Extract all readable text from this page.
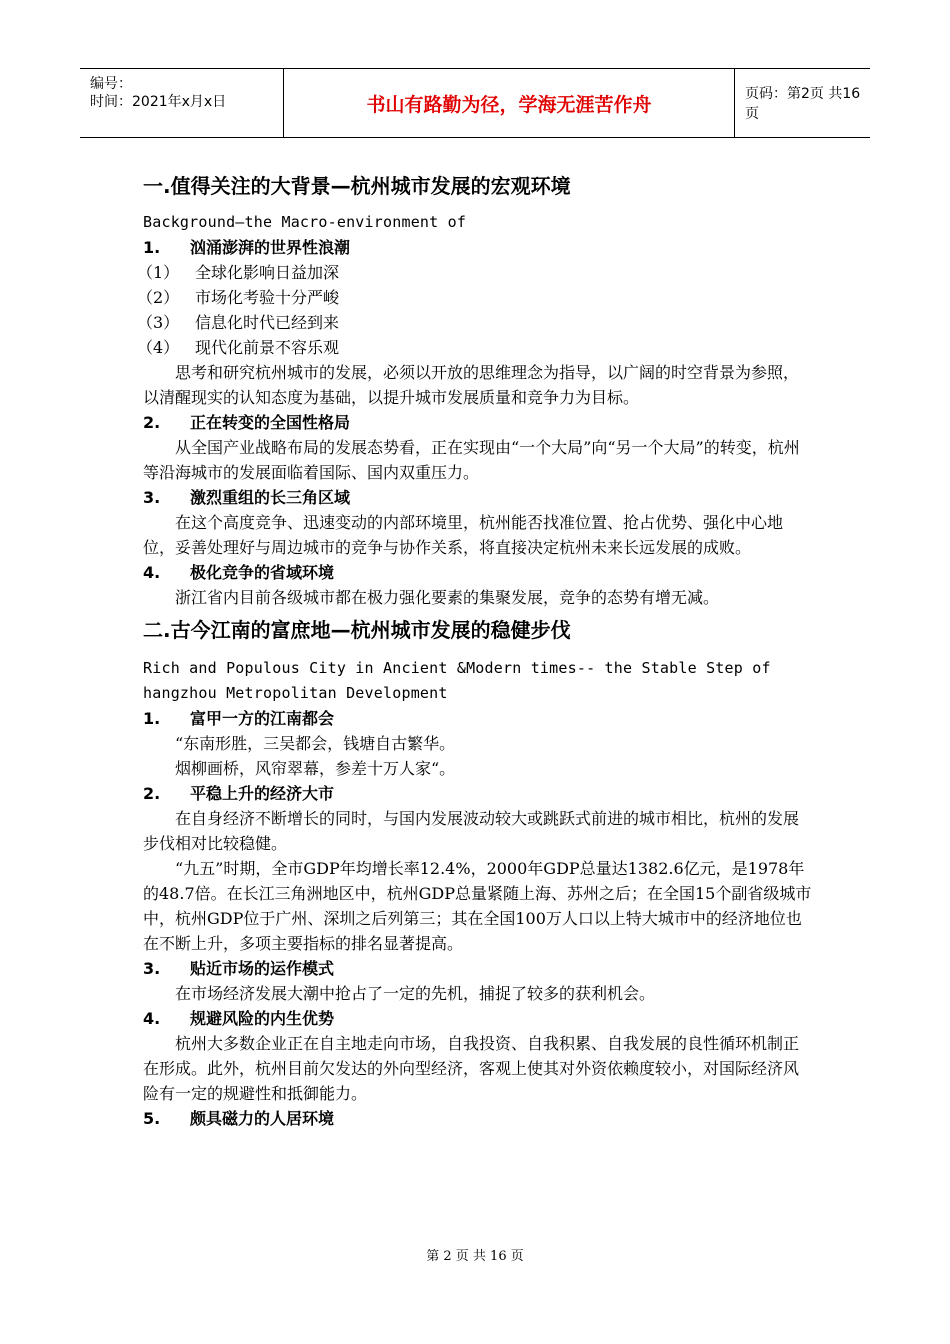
编号：
时间：2021年x月x日	书山有路勤为径，学海无涯苦作舟	页码：第2页 共16页
一.值得关注的大背景—杭州城市发展的宏观环境
Background—the Macro-environment of
1. 汹涌澎湃的世界性浪潮
（1） 全球化影响日益加深
（2） 市场化考验十分严峻
（3） 信息化时代已经到来
（4） 现代化前景不容乐观

思考和研究杭州城市的发展，必须以开放的思维理念为指导，以广阔的时空背景为参照，以清醒现实的认知态度为基础，以提升城市发展质量和竞争力为目标。

2. 正在转变的全国性格局

从全国产业战略布局的发展态势看，正在实现由“一个大局”向“另一个大局”的转变，杭州等沿海城市的发展面临着国际、国内双重压力。

3. 激烈重组的长三角区域

在这个高度竞争、迅速变动的内部环境里，杭州能否找准位置、抢占优势、强化中心地位，妥善处理好与周边城市的竞争与协作关系，将直接决定杭州未来长远发展的成败。

4. 极化竞争的省域环境

浙江省内目前各级城市都在极力强化要素的集聚发展，竞争的态势有增无减。

二.古今江南的富庶地—杭州城市发展的稳健步伐
Rich and Populous City in Ancient &Modern times-- the Stable Step of
hangzhou Metropolitan Development
1. 富甲一方的江南都会

“东南形胜，三吴都会，钱塘自古繁华。

烟柳画桥，风帘翠幕，参差十万人家“。

2. 平稳上升的经济大市

在自身经济不断增长的同时，与国内发展波动较大或跳跃式前进的城市相比，杭州的发展步伐相对比较稳健。

“九五”时期，全市GDP年均增长率12.4%，2000年GDP总量达1382.6亿元，是1978年的48.7倍。在长江三角洲地区中，杭州GDP总量紧随上海、苏州之后；在全国15个副省级城市中，杭州GDP位于广州、深圳之后列第三；其在全国100万人口以上特大城市中的经济地位也在不断上升，多项主要指标的排名显著提高。

3. 贴近市场的运作模式

在市场经济发展大潮中抢占了一定的先机，捕捉了较多的获利机会。

4. 规避风险的内生优势

杭州大多数企业正在自主地走向市场，自我投资、自我积累、自我发展的良性循环机制正在形成。此外，杭州目前欠发达的外向型经济，客观上使其对外资依赖度较小，对国际经济风险有一定的规避性和抵御能力。

5. 颇具磁力的人居环境
第 2 页 共 16 页
